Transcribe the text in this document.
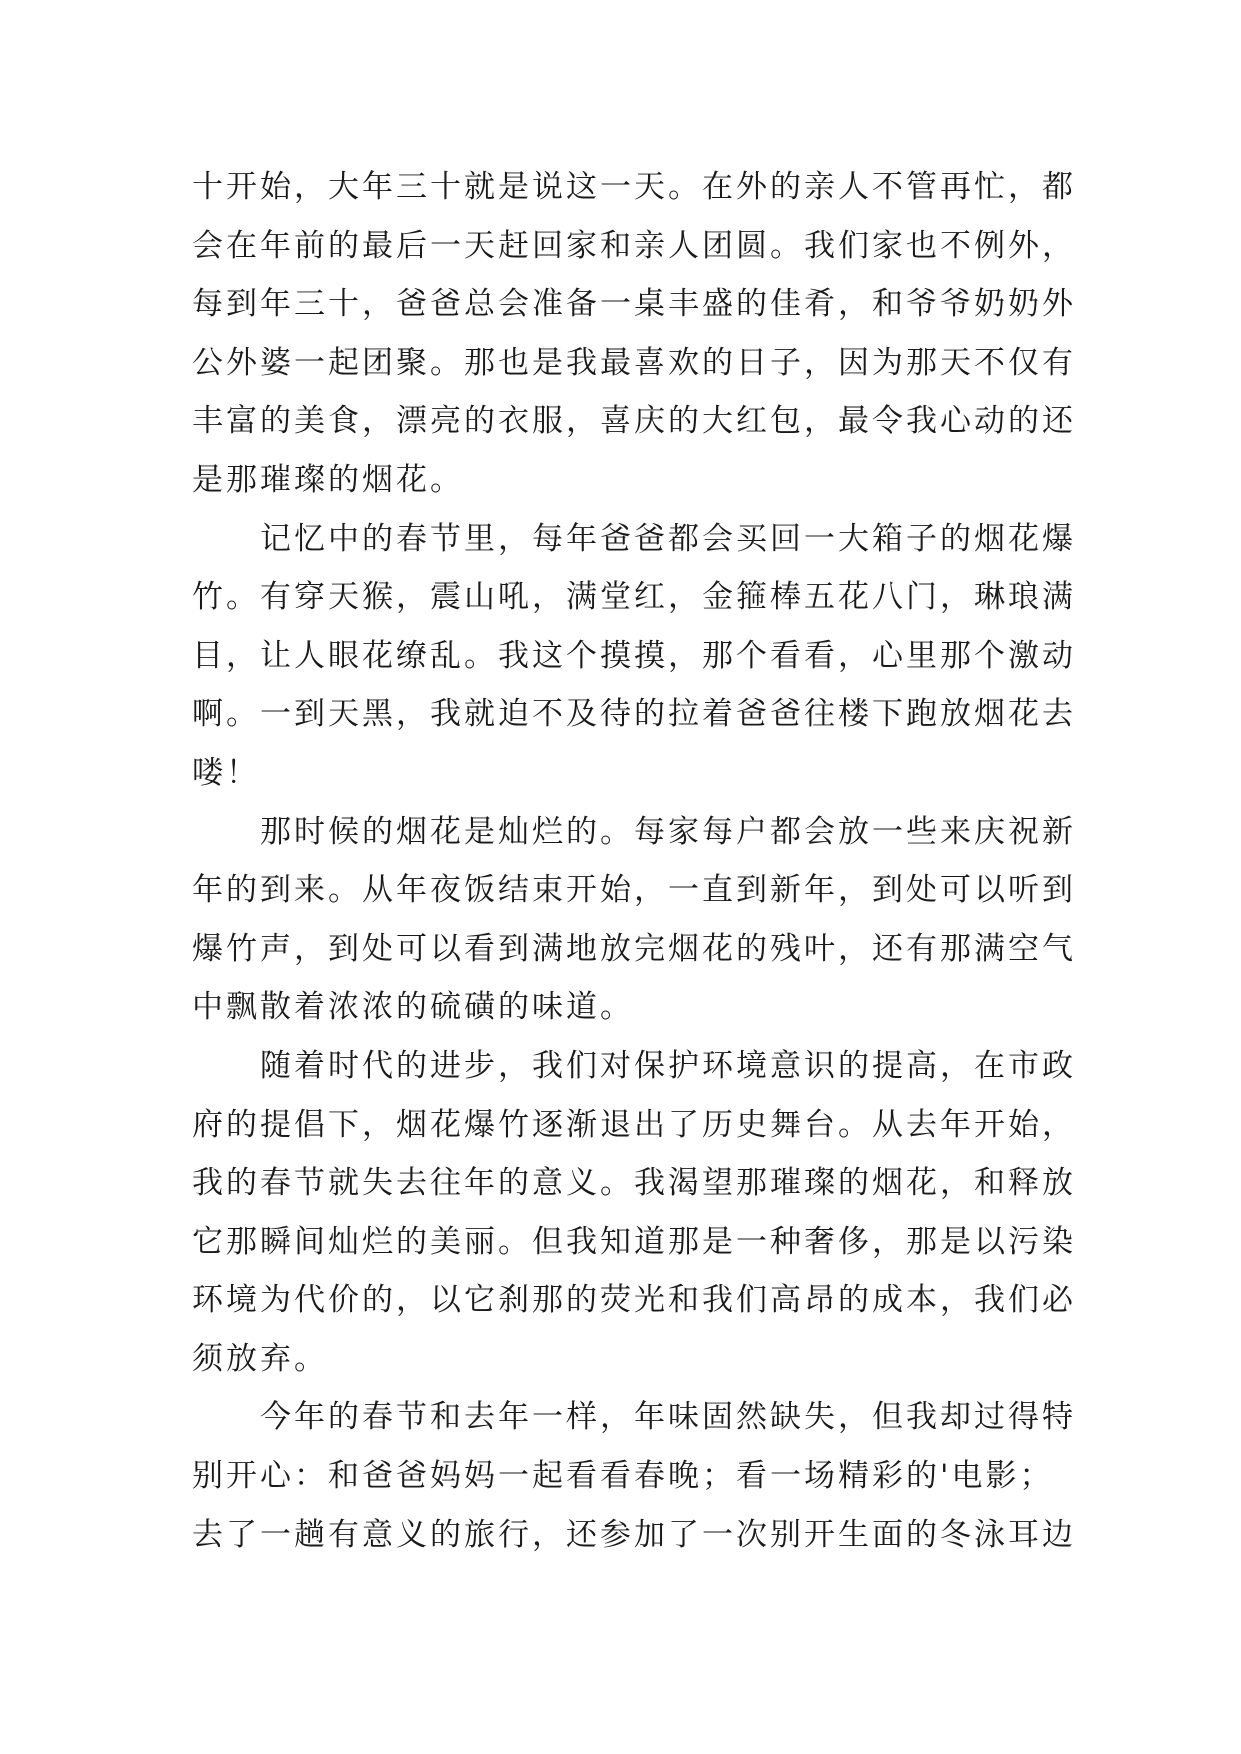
十开始，大年三十就是说这一天。在外的亲人不管再忙，都
会在年前的最后一天赶回家和亲人团圆。我们家也不例外，
每到年三十，爸爸总会准备一桌丰盛的佳肴，和爷爷奶奶外
公外婆一起团聚。那也是我最喜欢的日子，因为那天不仅有
丰富的美食，漂亮的衣服，喜庆的大红包，最令我心动的还
是那璀璨的烟花。
　　记忆中的春节里，每年爸爸都会买回一大箱子的烟花爆
竹。有穿天猴，震山吼，满堂红，金箍棒五花八门，琳琅满
目，让人眼花缭乱。我这个摸摸，那个看看，心里那个激动
啊。一到天黑，我就迫不及待的拉着爸爸往楼下跑放烟花去
喽！
　　那时候的烟花是灿烂的。每家每户都会放一些来庆祝新
年的到来。从年夜饭结束开始，一直到新年，到处可以听到
爆竹声，到处可以看到满地放完烟花的残叶，还有那满空气
中飘散着浓浓的硫磺的味道。
　　随着时代的进步，我们对保护环境意识的提高，在市政
府的提倡下，烟花爆竹逐渐退出了历史舞台。从去年开始，
我的春节就失去往年的意义。我渴望那璀璨的烟花，和释放
它那瞬间灿烂的美丽。但我知道那是一种奢侈，那是以污染
环境为代价的，以它刹那的荧光和我们高昂的成本，我们必
须放弃。
　　今年的春节和去年一样，年味固然缺失，但我却过得特
别开心：和爸爸妈妈一起看看春晚；看一场精彩的'电影；
去了一趟有意义的旅行，还参加了一次别开生面的冬泳耳边
